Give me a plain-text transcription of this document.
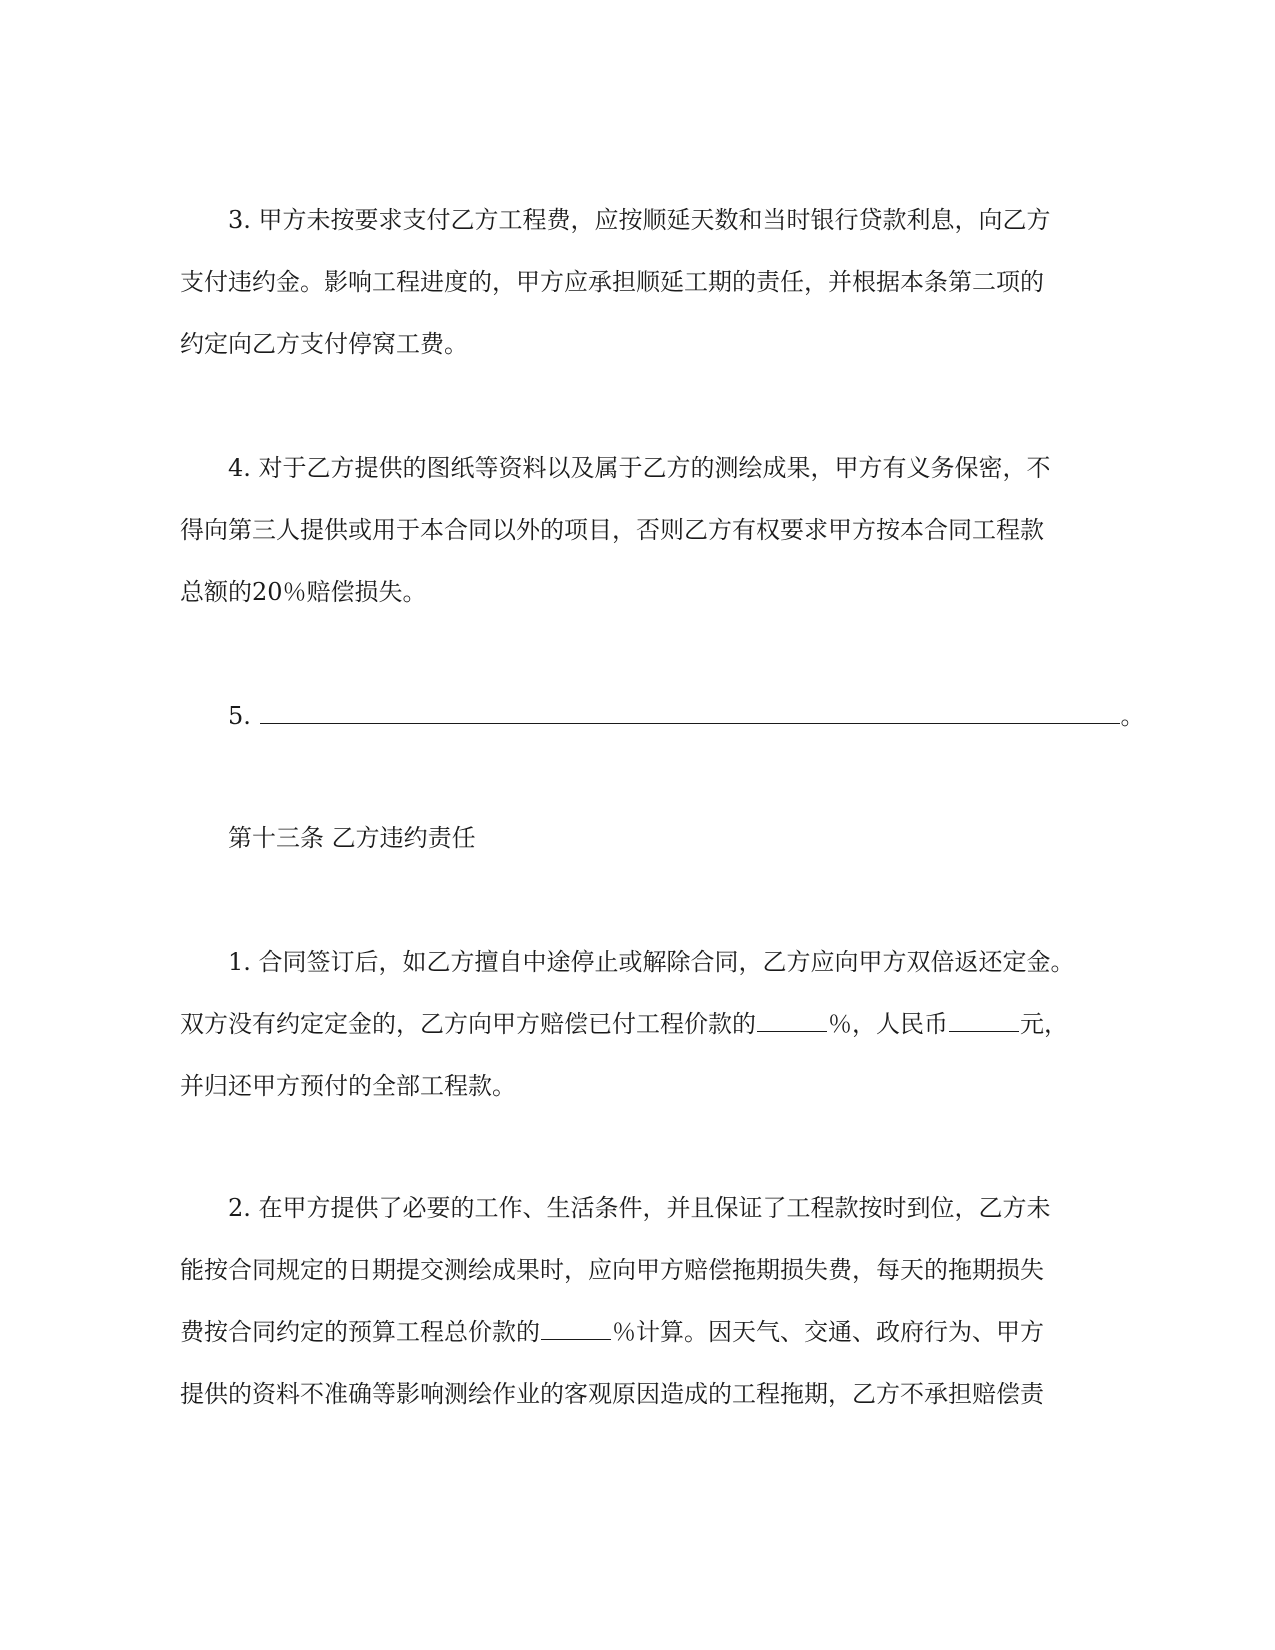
3. 甲方未按要求支付乙方工程费，应按顺延天数和当时银行贷款利息，向乙方
支付违约金。影响工程进度的，甲方应承担顺延工期的责任，并根据本条第二项的
约定向乙方支付停窝工费。
4. 对于乙方提供的图纸等资料以及属于乙方的测绘成果，甲方有义务保密，不
得向第三人提供或用于本合同以外的项目，否则乙方有权要求甲方按本合同工程款
总额的20％赔偿损失。
5.	。
第十三条 乙方违约责任
1. 合同签订后，如乙方擅自中途停止或解除合同，乙方应向甲方双倍返还定金。
双方没有约定定金的，乙方向甲方赔偿已付工程价款的	％，人民币	元，
并归还甲方预付的全部工程款。
2. 在甲方提供了必要的工作、生活条件，并且保证了工程款按时到位，乙方未
能按合同规定的日期提交测绘成果时，应向甲方赔偿拖期损失费，每天的拖期损失
费按合同约定的预算工程总价款的	％计算。因天气、交通、政府行为、甲方
提供的资料不准确等影响测绘作业的客观原因造成的工程拖期，乙方不承担赔偿责
